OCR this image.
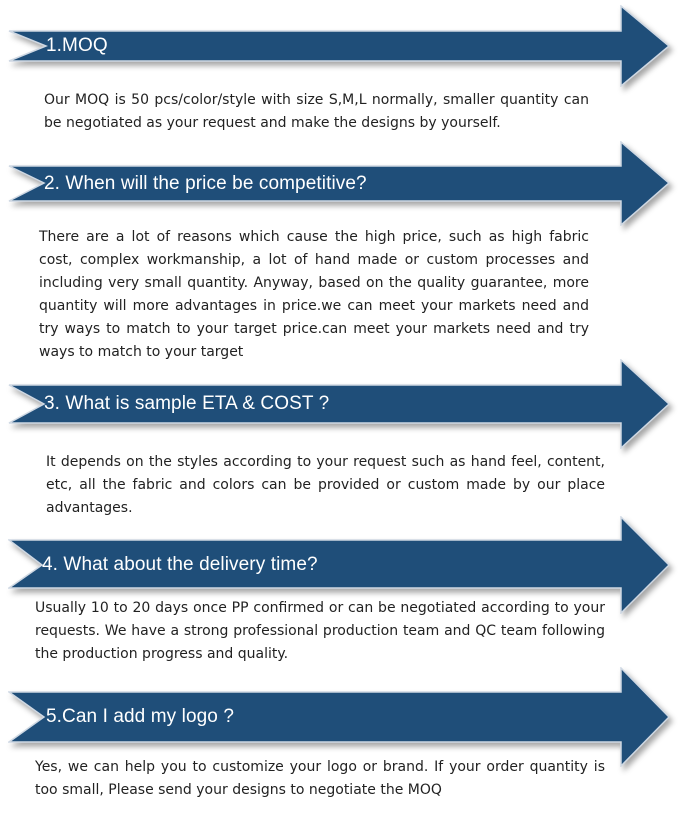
1.MOQ

Our MOQ is 50 pcs/color/style with size S,M,L normally, smaller quantity can be negotiated as your request and make the designs by yourself.

2. When will the price be competitive?

There are a lot of reasons which cause the high price, such as high fabric cost, complex workmanship, a lot of hand made or custom processes and including very small quantity. Anyway, based on the quality guarantee, more quantity will more advantages in price.we can meet your markets need and try ways to match to your target price.can meet your markets need and try ways to match to your target

3. What is sample ETA & COST ?

It depends on the styles according to your request such as hand feel, content, etc, all the fabric and colors can be provided or custom made by our place advantages.

4. What about the delivery time?

Usually 10 to 20 days once PP confirmed or can be negotiated according to your requests. We have a strong professional production team and QC team following the production progress and quality.

5.Can I add my logo ?

Yes, we can help you to customize your logo or brand. If your order quantity is too small, Please send your designs to negotiate the MOQ
